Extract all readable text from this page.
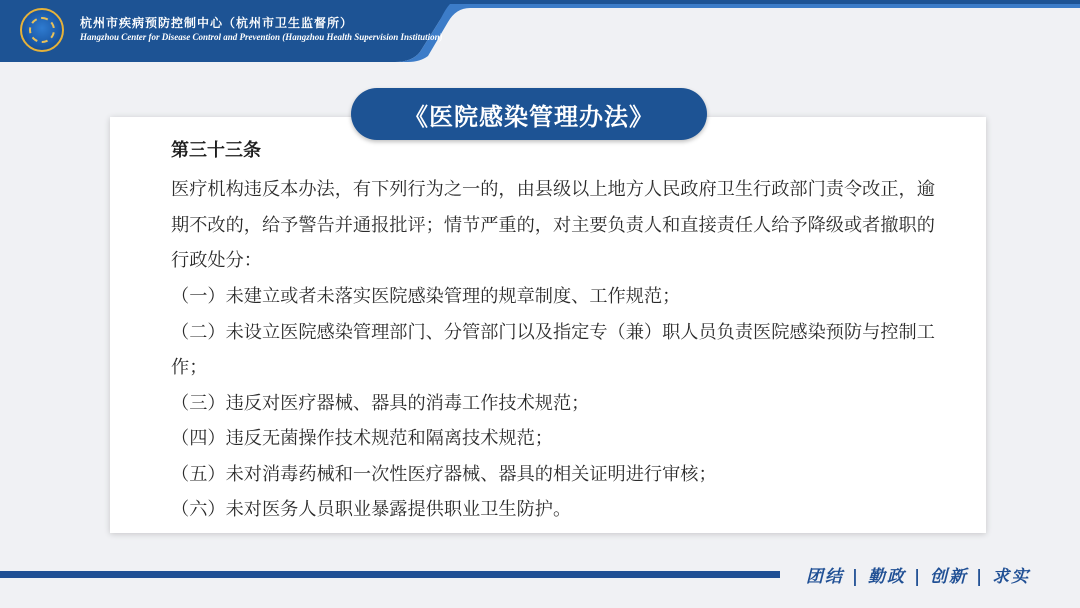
杭州市疾病预防控制中心（杭州市卫生监督所）
Hangzhou Center for Disease Control and Prevention (Hangzhou Health Supervision Institution)
《医院感染管理办法》
第三十三条
医疗机构违反本办法，有下列行为之一的，由县级以上地方人民政府卫生行政部门责令改正，逾期不改的，给予警告并通报批评；情节严重的，对主要负责人和直接责任人给予降级或者撤职的行政处分：
（一）未建立或者未落实医院感染管理的规章制度、工作规范；
（二）未设立医院感染管理部门、分管部门以及指定专（兼）职人员负责医院感染预防与控制工作；
（三）违反对医疗器械、器具的消毒工作技术规范；
（四）违反无菌操作技术规范和隔离技术规范；
（五）未对消毒药械和一次性医疗器械、器具的相关证明进行审核；
（六）未对医务人员职业暴露提供职业卫生防护。
团结 | 勤政 | 创新 | 求实
